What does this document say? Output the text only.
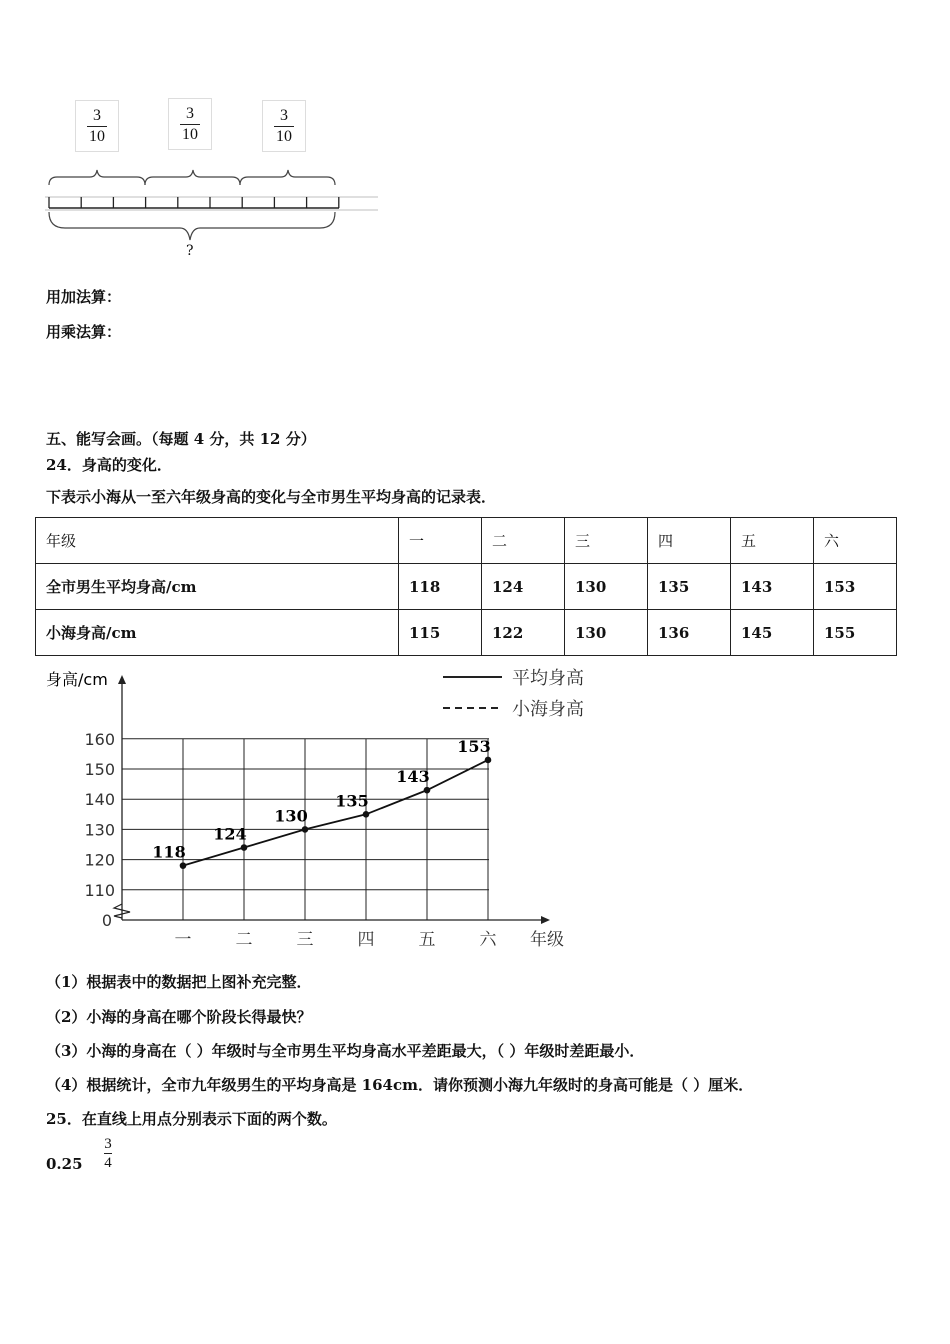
$\frac{3}{10}$	$\frac{3}{10}$	$\frac{3}{10}$
?
用加法算：
用乘法算：
五、能写会画。（每题 4 分，共 12 分）
24．身高的变化．
下表示小海从一至六年级身高的变化与全市男生平均身高的记录表．
年级	一	二	三	四	五	六
全市男生平均身高/cm	118	124	130	135	143	153
小海身高/cm	115	122	130	136	145	155
一	二	三	四	五	六
身高/cm
年级
0
110
120
130
140
150
160
平均身高
小海身高
118
124
130
135
143
153
（1）根据表中的数据把上图补充完整．
（2）小海的身高在哪个阶段长得最快？
（3）小海的身高在（ ）年级时与全市男生平均身高水平差距最大，（ ）年级时差距最小．
（4）根据统计，全市九年级男生的平均身高是 164cm．请你预测小海九年级时的身高可能是（ ）厘米．
25．在直线上用点分别表示下面的两个数。
0.25
3
4
